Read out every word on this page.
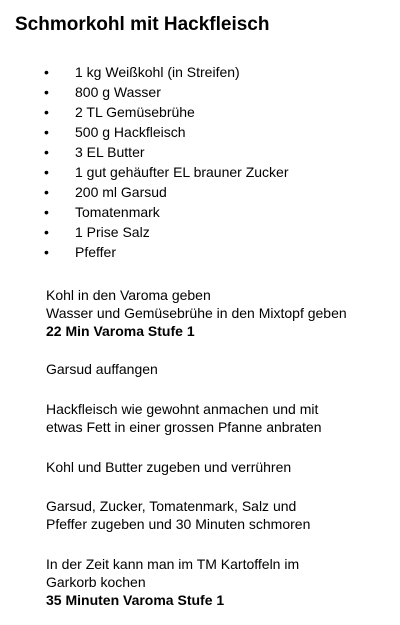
Schmorkohl mit Hackfleisch
• 1 kg Weißkohl (in Streifen)
• 800 g Wasser
• 2 TL Gemüsebrühe
• 500 g Hackfleisch
• 3 EL Butter
• 1 gut gehäufter EL brauner Zucker
• 200 ml Garsud
• Tomatenmark
• 1 Prise Salz
• Pfeffer

Kohl in den Varoma geben
Wasser und Gemüsebrühe in den Mixtopf geben
22 Min Varoma Stufe 1

Garsud auffangen

Hackfleisch wie gewohnt anmachen und mit
etwas Fett in einer grossen Pfanne anbraten

Kohl und Butter zugeben und verrühren

Garsud, Zucker, Tomatenmark, Salz und
Pfeffer zugeben und 30 Minuten schmoren

In der Zeit kann man im TM Kartoffeln im
Garkorb kochen
35 Minuten Varoma Stufe 1
